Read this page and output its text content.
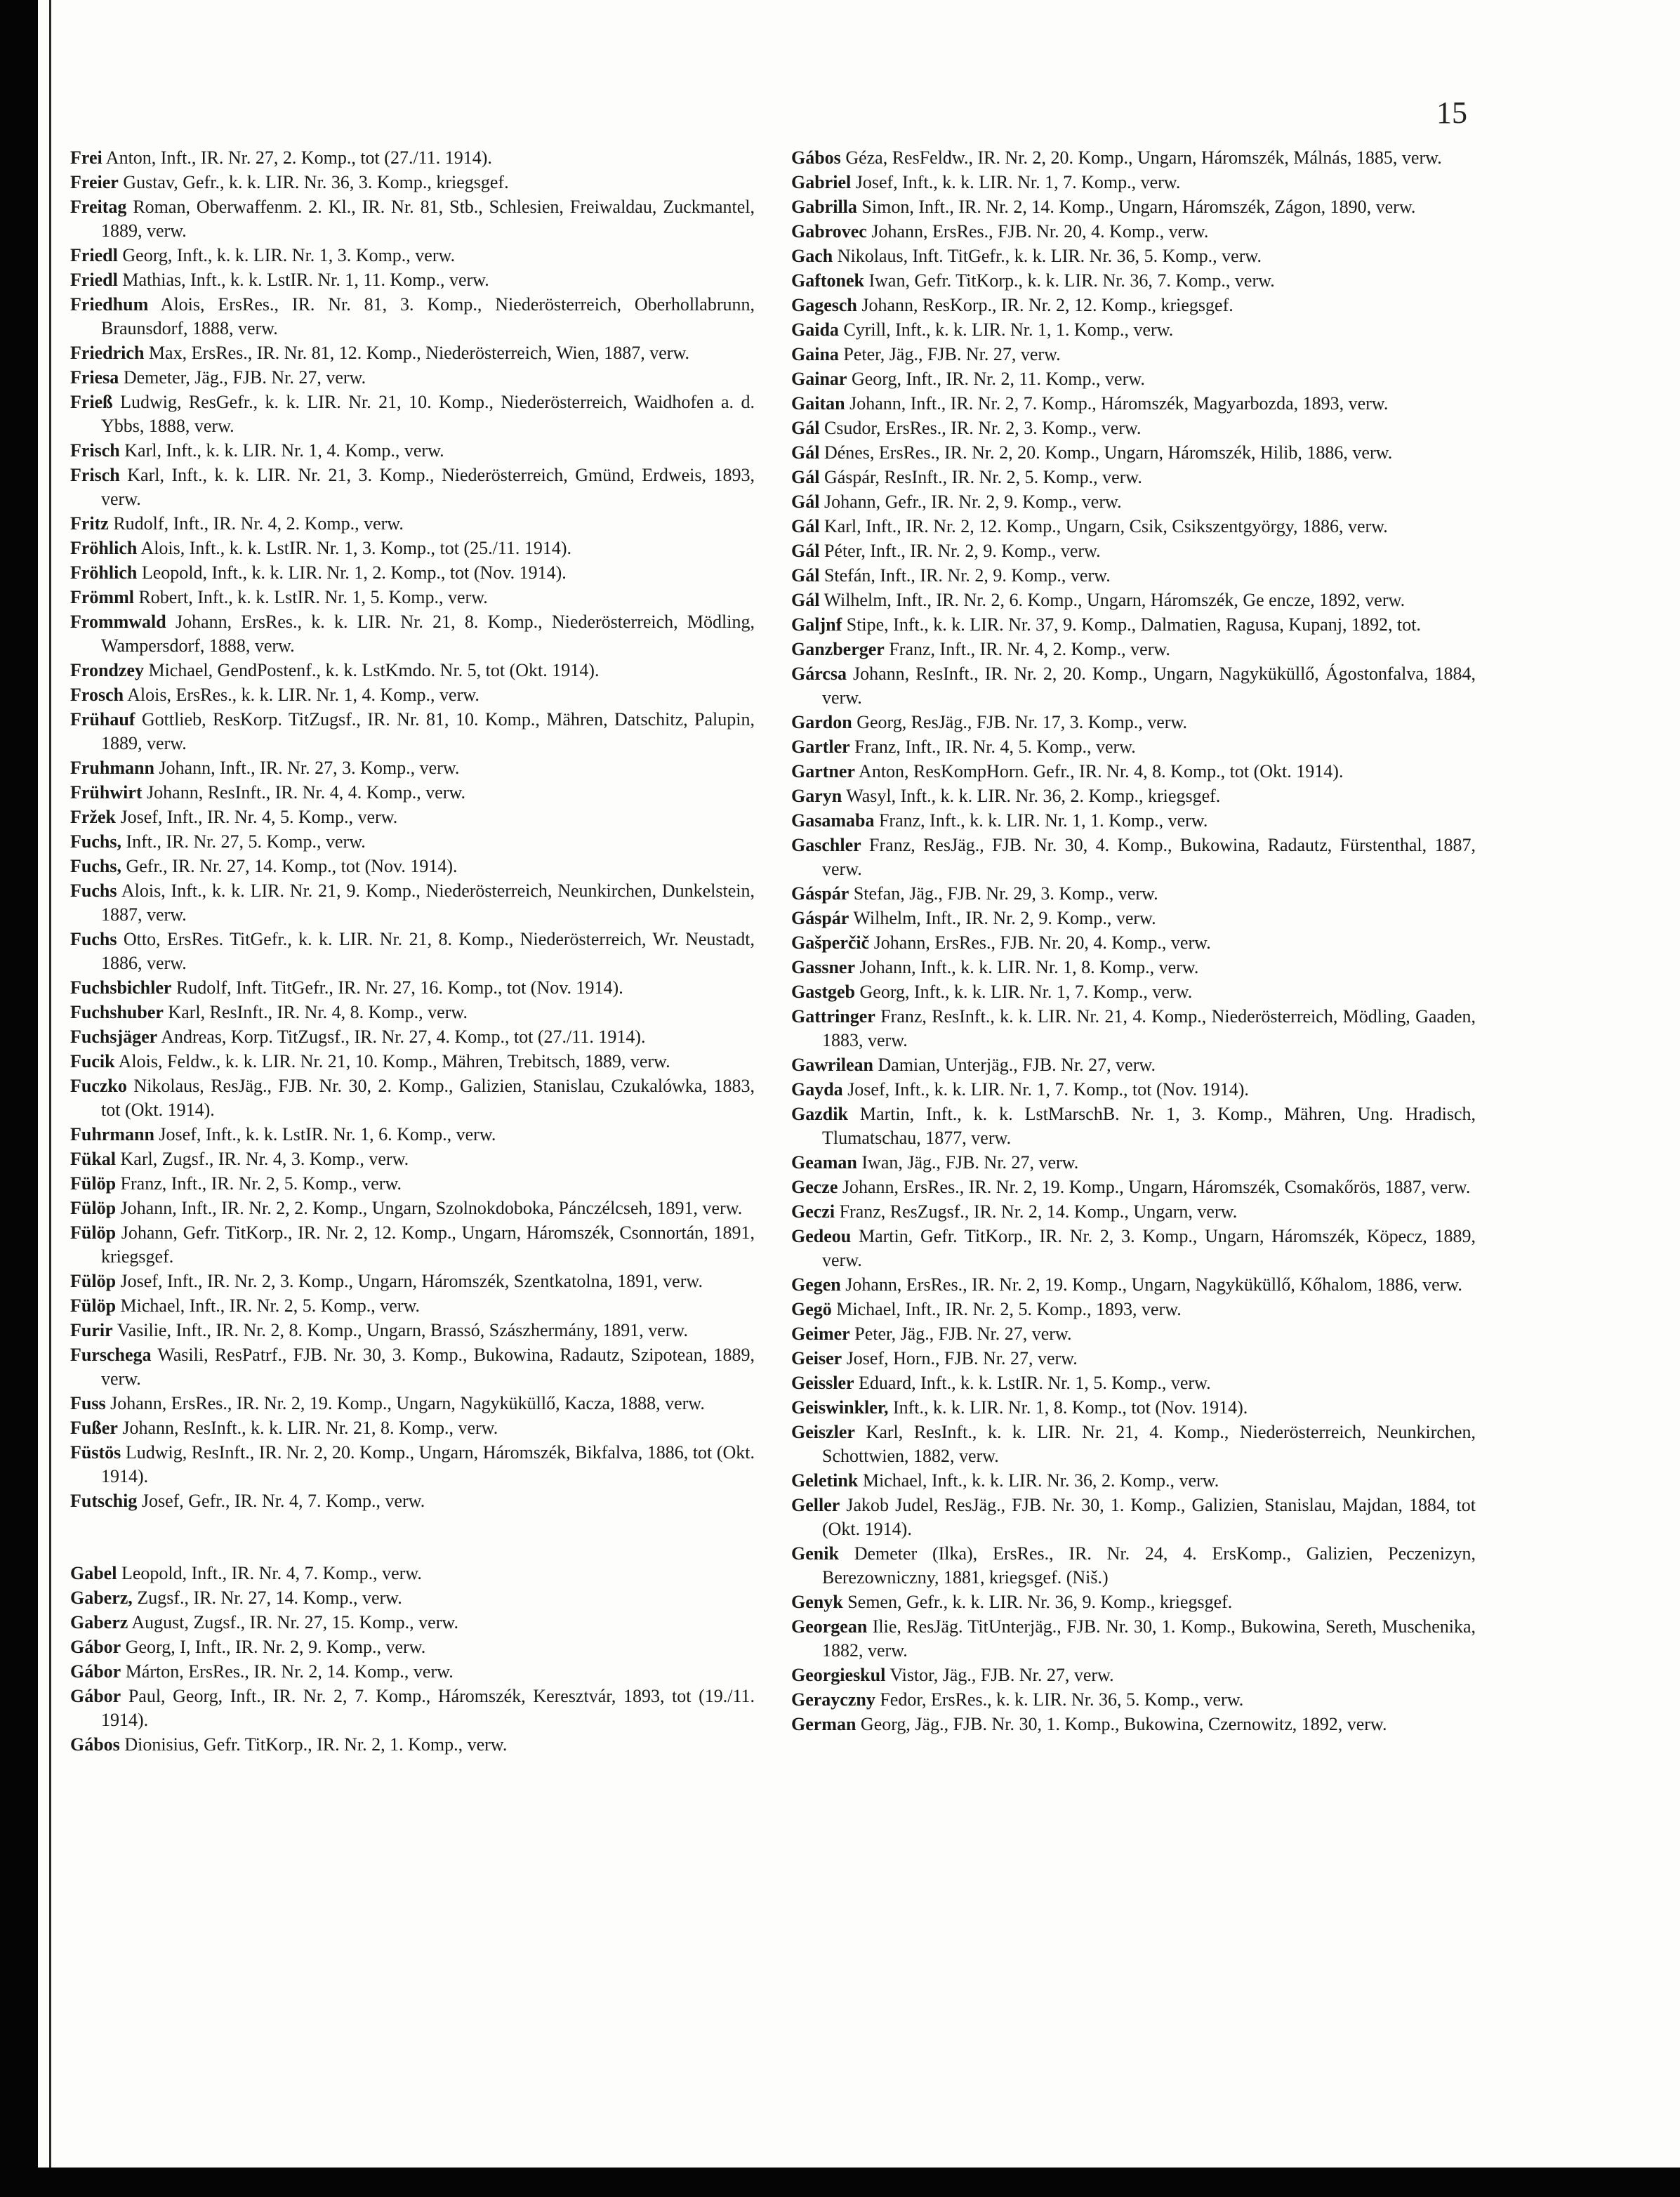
15

Frei Anton, Inft., IR. Nr. 27, 2. Komp., tot (27./11. 1914).

Freier Gustav, Gefr., k. k. LIR. Nr. 36, 3. Komp., kriegsgef.

Freitag Roman, Oberwaffenm. 2. Kl., IR. Nr. 81, Stb., Schlesien, Freiwaldau, Zuckmantel, 1889, verw.

Friedl Georg, Inft., k. k. LIR. Nr. 1, 3. Komp., verw.

Friedl Mathias, Inft., k. k. LstIR. Nr. 1, 11. Komp., verw.

Friedhum Alois, ErsRes., IR. Nr. 81, 3. Komp., Niederösterreich, Oberhollabrunn, Braunsdorf, 1888, verw.

Friedrich Max, ErsRes., IR. Nr. 81, 12. Komp., Niederösterreich, Wien, 1887, verw.

Friesa Demeter, Jäg., FJB. Nr. 27, verw.

Frieß Ludwig, ResGefr., k. k. LIR. Nr. 21, 10. Komp., Niederösterreich, Waidhofen a. d. Ybbs, 1888, verw.

Frisch Karl, Inft., k. k. LIR. Nr. 1, 4. Komp., verw.

Frisch Karl, Inft., k. k. LIR. Nr. 21, 3. Komp., Niederösterreich, Gmünd, Erdweis, 1893, verw.

Fritz Rudolf, Inft., IR. Nr. 4, 2. Komp., verw.

Fröhlich Alois, Inft., k. k. LstIR. Nr. 1, 3. Komp., tot (25./11. 1914).

Fröhlich Leopold, Inft., k. k. LIR. Nr. 1, 2. Komp., tot (Nov. 1914).

Frömml Robert, Inft., k. k. LstIR. Nr. 1, 5. Komp., verw.

Frommwald Johann, ErsRes., k. k. LIR. Nr. 21, 8. Komp., Niederösterreich, Mödling, Wampersdorf, 1888, verw.

Frondzey Michael, GendPostenf., k. k. LstKmdo. Nr. 5, tot (Okt. 1914).

Frosch Alois, ErsRes., k. k. LIR. Nr. 1, 4. Komp., verw.

Frühauf Gottlieb, ResKorp. TitZugsf., IR. Nr. 81, 10. Komp., Mähren, Datschitz, Palupin, 1889, verw.

Fruhmann Johann, Inft., IR. Nr. 27, 3. Komp., verw.

Frühwirt Johann, ResInft., IR. Nr. 4, 4. Komp., verw.

Fržek Josef, Inft., IR. Nr. 4, 5. Komp., verw.

Fuchs, Inft., IR. Nr. 27, 5. Komp., verw.

Fuchs, Gefr., IR. Nr. 27, 14. Komp., tot (Nov. 1914).

Fuchs Alois, Inft., k. k. LIR. Nr. 21, 9. Komp., Niederösterreich, Neunkirchen, Dunkelstein, 1887, verw.

Fuchs Otto, ErsRes. TitGefr., k. k. LIR. Nr. 21, 8. Komp., Niederösterreich, Wr. Neustadt, 1886, verw.

Fuchsbichler Rudolf, Inft. TitGefr., IR. Nr. 27, 16. Komp., tot (Nov. 1914).

Fuchshuber Karl, ResInft., IR. Nr. 4, 8. Komp., verw.

Fuchsjäger Andreas, Korp. TitZugsf., IR. Nr. 27, 4. Komp., tot (27./11. 1914).

Fucik Alois, Feldw., k. k. LIR. Nr. 21, 10. Komp., Mähren, Trebitsch, 1889, verw.

Fuczko Nikolaus, ResJäg., FJB. Nr. 30, 2. Komp., Galizien, Stanislau, Czukalówka, 1883, tot (Okt. 1914).

Fuhrmann Josef, Inft., k. k. LstIR. Nr. 1, 6. Komp., verw.

Fükal Karl, Zugsf., IR. Nr. 4, 3. Komp., verw.

Fülöp Franz, Inft., IR. Nr. 2, 5. Komp., verw.

Fülöp Johann, Inft., IR. Nr. 2, 2. Komp., Ungarn, Szolnokdoboka, Pánczélcseh, 1891, verw.

Fülöp Johann, Gefr. TitKorp., IR. Nr. 2, 12. Komp., Ungarn, Háromszék, Csonnortán, 1891, kriegsgef.

Fülöp Josef, Inft., IR. Nr. 2, 3. Komp., Ungarn, Háromszék, Szentkatolna, 1891, verw.

Fülöp Michael, Inft., IR. Nr. 2, 5. Komp., verw.

Furir Vasilie, Inft., IR. Nr. 2, 8. Komp., Ungarn, Brassó, Szászhermány, 1891, verw.

Furschega Wasili, ResPatrf., FJB. Nr. 30, 3. Komp., Bukowina, Radautz, Szipotean, 1889, verw.

Fuss Johann, ErsRes., IR. Nr. 2, 19. Komp., Ungarn, Nagyküküllő, Kacza, 1888, verw.

Fußer Johann, ResInft., k. k. LIR. Nr. 21, 8. Komp., verw.

Füstös Ludwig, ResInft., IR. Nr. 2, 20. Komp., Ungarn, Háromszék, Bikfalva, 1886, tot (Okt. 1914).

Futschig Josef, Gefr., IR. Nr. 4, 7. Komp., verw.

Gabel Leopold, Inft., IR. Nr. 4, 7. Komp., verw.

Gaberz, Zugsf., IR. Nr. 27, 14. Komp., verw.

Gaberz August, Zugsf., IR. Nr. 27, 15. Komp., verw.

Gábor Georg, I, Inft., IR. Nr. 2, 9. Komp., verw.

Gábor Márton, ErsRes., IR. Nr. 2, 14. Komp., verw.

Gábor Paul, Georg, Inft., IR. Nr. 2, 7. Komp., Háromszék, Keresztvár, 1893, tot (19./11. 1914).

Gábos Dionisius, Gefr. TitKorp., IR. Nr. 2, 1. Komp., verw.

Gábos Géza, ResFeldw., IR. Nr. 2, 20. Komp., Ungarn, Háromszék, Málnás, 1885, verw.

Gabriel Josef, Inft., k. k. LIR. Nr. 1, 7. Komp., verw.

Gabrilla Simon, Inft., IR. Nr. 2, 14. Komp., Ungarn, Háromszék, Zágon, 1890, verw.

Gabrovec Johann, ErsRes., FJB. Nr. 20, 4. Komp., verw.

Gach Nikolaus, Inft. TitGefr., k. k. LIR. Nr. 36, 5. Komp., verw.

Gaftonek Iwan, Gefr. TitKorp., k. k. LIR. Nr. 36, 7. Komp., verw.

Gagesch Johann, ResKorp., IR. Nr. 2, 12. Komp., kriegsgef.

Gaida Cyrill, Inft., k. k. LIR. Nr. 1, 1. Komp., verw.

Gaina Peter, Jäg., FJB. Nr. 27, verw.

Gainar Georg, Inft., IR. Nr. 2, 11. Komp., verw.

Gaitan Johann, Inft., IR. Nr. 2, 7. Komp., Háromszék, Magyarbozda, 1893, verw.

Gál Csudor, ErsRes., IR. Nr. 2, 3. Komp., verw.

Gál Dénes, ErsRes., IR. Nr. 2, 20. Komp., Ungarn, Háromszék, Hilib, 1886, verw.

Gál Gáspár, ResInft., IR. Nr. 2, 5. Komp., verw.

Gál Johann, Gefr., IR. Nr. 2, 9. Komp., verw.

Gál Karl, Inft., IR. Nr. 2, 12. Komp., Ungarn, Csik, Csikszentgyörgy, 1886, verw.

Gál Péter, Inft., IR. Nr. 2, 9. Komp., verw.

Gál Stefán, Inft., IR. Nr. 2, 9. Komp., verw.

Gál Wilhelm, Inft., IR. Nr. 2, 6. Komp., Ungarn, Háromszék, Ge encze, 1892, verw.

Galjnf Stipe, Inft., k. k. LIR. Nr. 37, 9. Komp., Dalmatien, Ragusa, Kupanj, 1892, tot.

Ganzberger Franz, Inft., IR. Nr. 4, 2. Komp., verw.

Gárcsa Johann, ResInft., IR. Nr. 2, 20. Komp., Ungarn, Nagyküküllő, Ágostonfalva, 1884, verw.

Gardon Georg, ResJäg., FJB. Nr. 17, 3. Komp., verw.

Gartler Franz, Inft., IR. Nr. 4, 5. Komp., verw.

Gartner Anton, ResKompHorn. Gefr., IR. Nr. 4, 8. Komp., tot (Okt. 1914).

Garyn Wasyl, Inft., k. k. LIR. Nr. 36, 2. Komp., kriegsgef.

Gasamaba Franz, Inft., k. k. LIR. Nr. 1, 1. Komp., verw.

Gaschler Franz, ResJäg., FJB. Nr. 30, 4. Komp., Bukowina, Radautz, Fürstenthal, 1887, verw.

Gáspár Stefan, Jäg., FJB. Nr. 29, 3. Komp., verw.

Gáspár Wilhelm, Inft., IR. Nr. 2, 9. Komp., verw.

Gašperčič Johann, ErsRes., FJB. Nr. 20, 4. Komp., verw.

Gassner Johann, Inft., k. k. LIR. Nr. 1, 8. Komp., verw.

Gastgeb Georg, Inft., k. k. LIR. Nr. 1, 7. Komp., verw.

Gattringer Franz, ResInft., k. k. LIR. Nr. 21, 4. Komp., Niederösterreich, Mödling, Gaaden, 1883, verw.

Gawrilean Damian, Unterjäg., FJB. Nr. 27, verw.

Gayda Josef, Inft., k. k. LIR. Nr. 1, 7. Komp., tot (Nov. 1914).

Gazdik Martin, Inft., k. k. LstMarschB. Nr. 1, 3. Komp., Mähren, Ung. Hradisch, Tlumatschau, 1877, verw.

Geaman Iwan, Jäg., FJB. Nr. 27, verw.

Gecze Johann, ErsRes., IR. Nr. 2, 19. Komp., Ungarn, Háromszék, Csomakőrös, 1887, verw.

Geczi Franz, ResZugsf., IR. Nr. 2, 14. Komp., Ungarn, verw.

Gedeou Martin, Gefr. TitKorp., IR. Nr. 2, 3. Komp., Ungarn, Háromszék, Köpecz, 1889, verw.

Gegen Johann, ErsRes., IR. Nr. 2, 19. Komp., Ungarn, Nagyküküllő, Kőhalom, 1886, verw.

Gegö Michael, Inft., IR. Nr. 2, 5. Komp., 1893, verw.

Geimer Peter, Jäg., FJB. Nr. 27, verw.

Geiser Josef, Horn., FJB. Nr. 27, verw.

Geissler Eduard, Inft., k. k. LstIR. Nr. 1, 5. Komp., verw.

Geiswinkler, Inft., k. k. LIR. Nr. 1, 8. Komp., tot (Nov. 1914).

Geiszler Karl, ResInft., k. k. LIR. Nr. 21, 4. Komp., Niederösterreich, Neunkirchen, Schottwien, 1882, verw.

Geletink Michael, Inft., k. k. LIR. Nr. 36, 2. Komp., verw.

Geller Jakob Judel, ResJäg., FJB. Nr. 30, 1. Komp., Galizien, Stanislau, Majdan, 1884, tot (Okt. 1914).

Genik Demeter (Ilka), ErsRes., IR. Nr. 24, 4. ErsKomp., Galizien, Peczenizyn, Berezowniczny, 1881, kriegsgef. (Niš.)

Genyk Semen, Gefr., k. k. LIR. Nr. 36, 9. Komp., kriegsgef.

Georgean Ilie, ResJäg. TitUnterjäg., FJB. Nr. 30, 1. Komp., Bukowina, Sereth, Muschenika, 1882, verw.

Georgieskul Vistor, Jäg., FJB. Nr. 27, verw.

Gerayczny Fedor, ErsRes., k. k. LIR. Nr. 36, 5. Komp., verw.

German Georg, Jäg., FJB. Nr. 30, 1. Komp., Bukowina, Czernowitz, 1892, verw.
